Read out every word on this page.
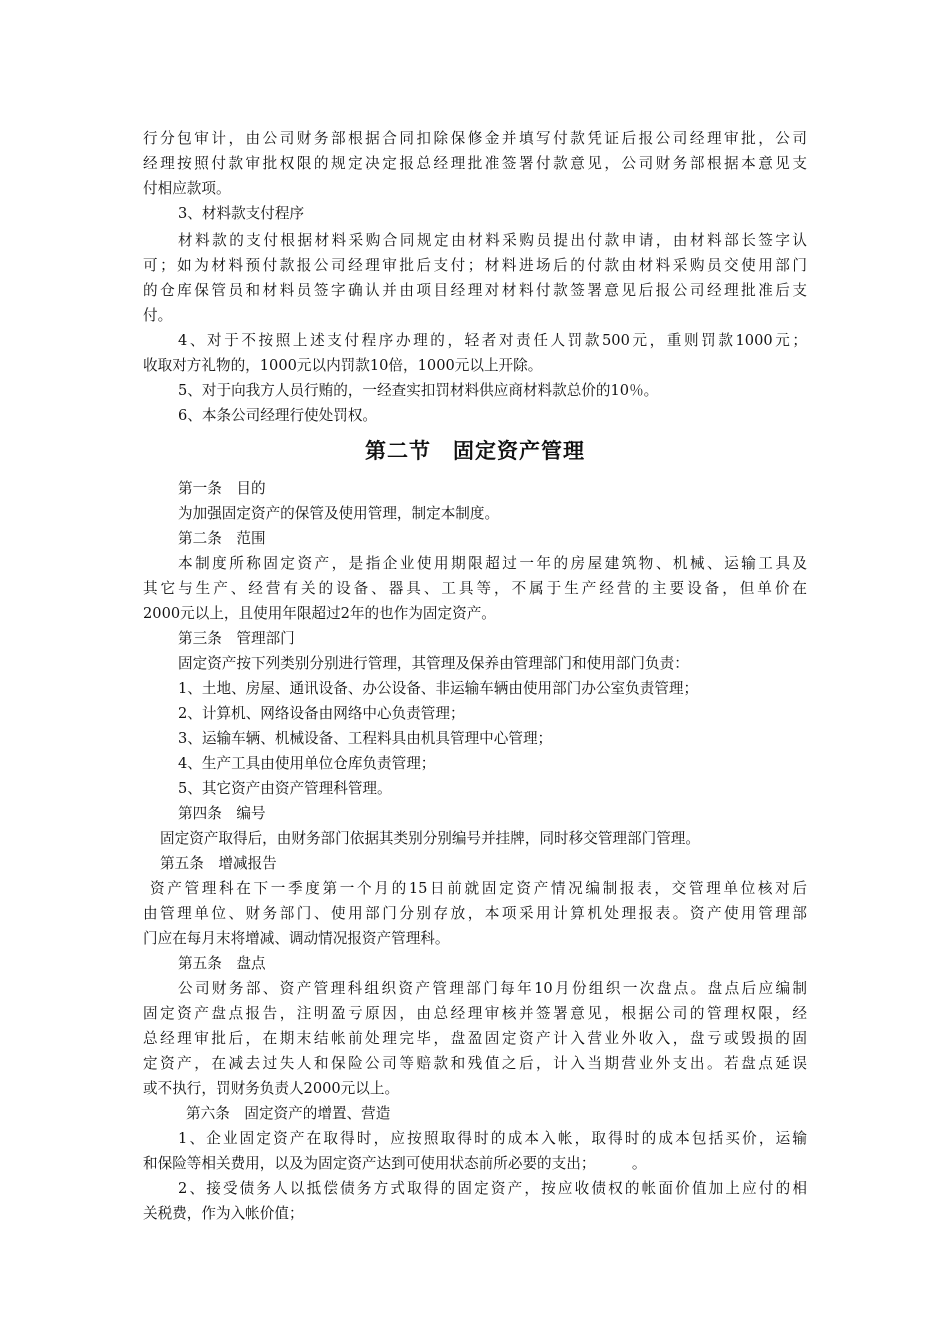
第二节　固定资产管理
行分包审计，由公司财务部根据合同扣除保修金并填写付款凭证后报公司经理审批，公司
经理按照付款审批权限的规定决定报总经理批准签署付款意见，公司财务部根据本意见支
付相应款项。
3、材料款支付程序
材料款的支付根据材料采购合同规定由材料采购员提出付款申请，由材料部长签字认
可；如为材料预付款报公司经理审批后支付；材料进场后的付款由材料采购员交使用部门
的仓库保管员和材料员签字确认并由项目经理对材料付款签署意见后报公司经理批准后支
付。
4、对于不按照上述支付程序办理的，轻者对责任人罚款500元，重则罚款1000元；
收取对方礼物的，1000元以内罚款10倍，1000元以上开除。
5、对于向我方人员行贿的，一经查实扣罚材料供应商材料款总价的10％。
6、本条公司经理行使处罚权。
第一条　目的
为加强固定资产的保管及使用管理，制定本制度。
第二条　范围
本制度所称固定资产，是指企业使用期限超过一年的房屋建筑物、机械、运输工具及
其它与生产、经营有关的设备、器具、工具等，不属于生产经营的主要设备，但单价在
2000元以上，且使用年限超过2年的也作为固定资产。
第三条　管理部门
固定资产按下列类别分别进行管理，其管理及保养由管理部门和使用部门负责：
1、土地、房屋、通讯设备、办公设备、非运输车辆由使用部门办公室负责管理；
2、计算机、网络设备由网络中心负责管理；
3、运输车辆、机械设备、工程料具由机具管理中心管理；
4、生产工具由使用单位仓库负责管理；
5、其它资产由资产管理科管理。
第四条　编号
固定资产取得后，由财务部门依据其类别分别编号并挂牌，同时移交管理部门管理。
第五条　增减报告
资产管理科在下一季度第一个月的15日前就固定资产情况编制报表，交管理单位核对后
由管理单位、财务部门、使用部门分别存放，本项采用计算机处理报表。资产使用管理部
门应在每月末将增减、调动情况报资产管理科。
第五条　盘点
公司财务部、资产管理科组织资产管理部门每年10月份组织一次盘点。盘点后应编制
固定资产盘点报告，注明盈亏原因，由总经理审核并签署意见，根据公司的管理权限，经
总经理审批后，在期末结帐前处理完毕，盘盈固定资产计入营业外收入，盘亏或毁损的固
定资产，在减去过失人和保险公司等赔款和残值之后，计入当期营业外支出。若盘点延误
或不执行，罚财务负责人2000元以上。
第六条　固定资产的增置、营造
1、企业固定资产在取得时，应按照取得时的成本入帐，取得时的成本包括买价，运输
和保险等相关费用，以及为固定资产达到可使用状态前所必要的支出；　　　。
2、接受债务人以抵偿债务方式取得的固定资产，按应收债权的帐面价值加上应付的相
关税费，作为入帐价值；
